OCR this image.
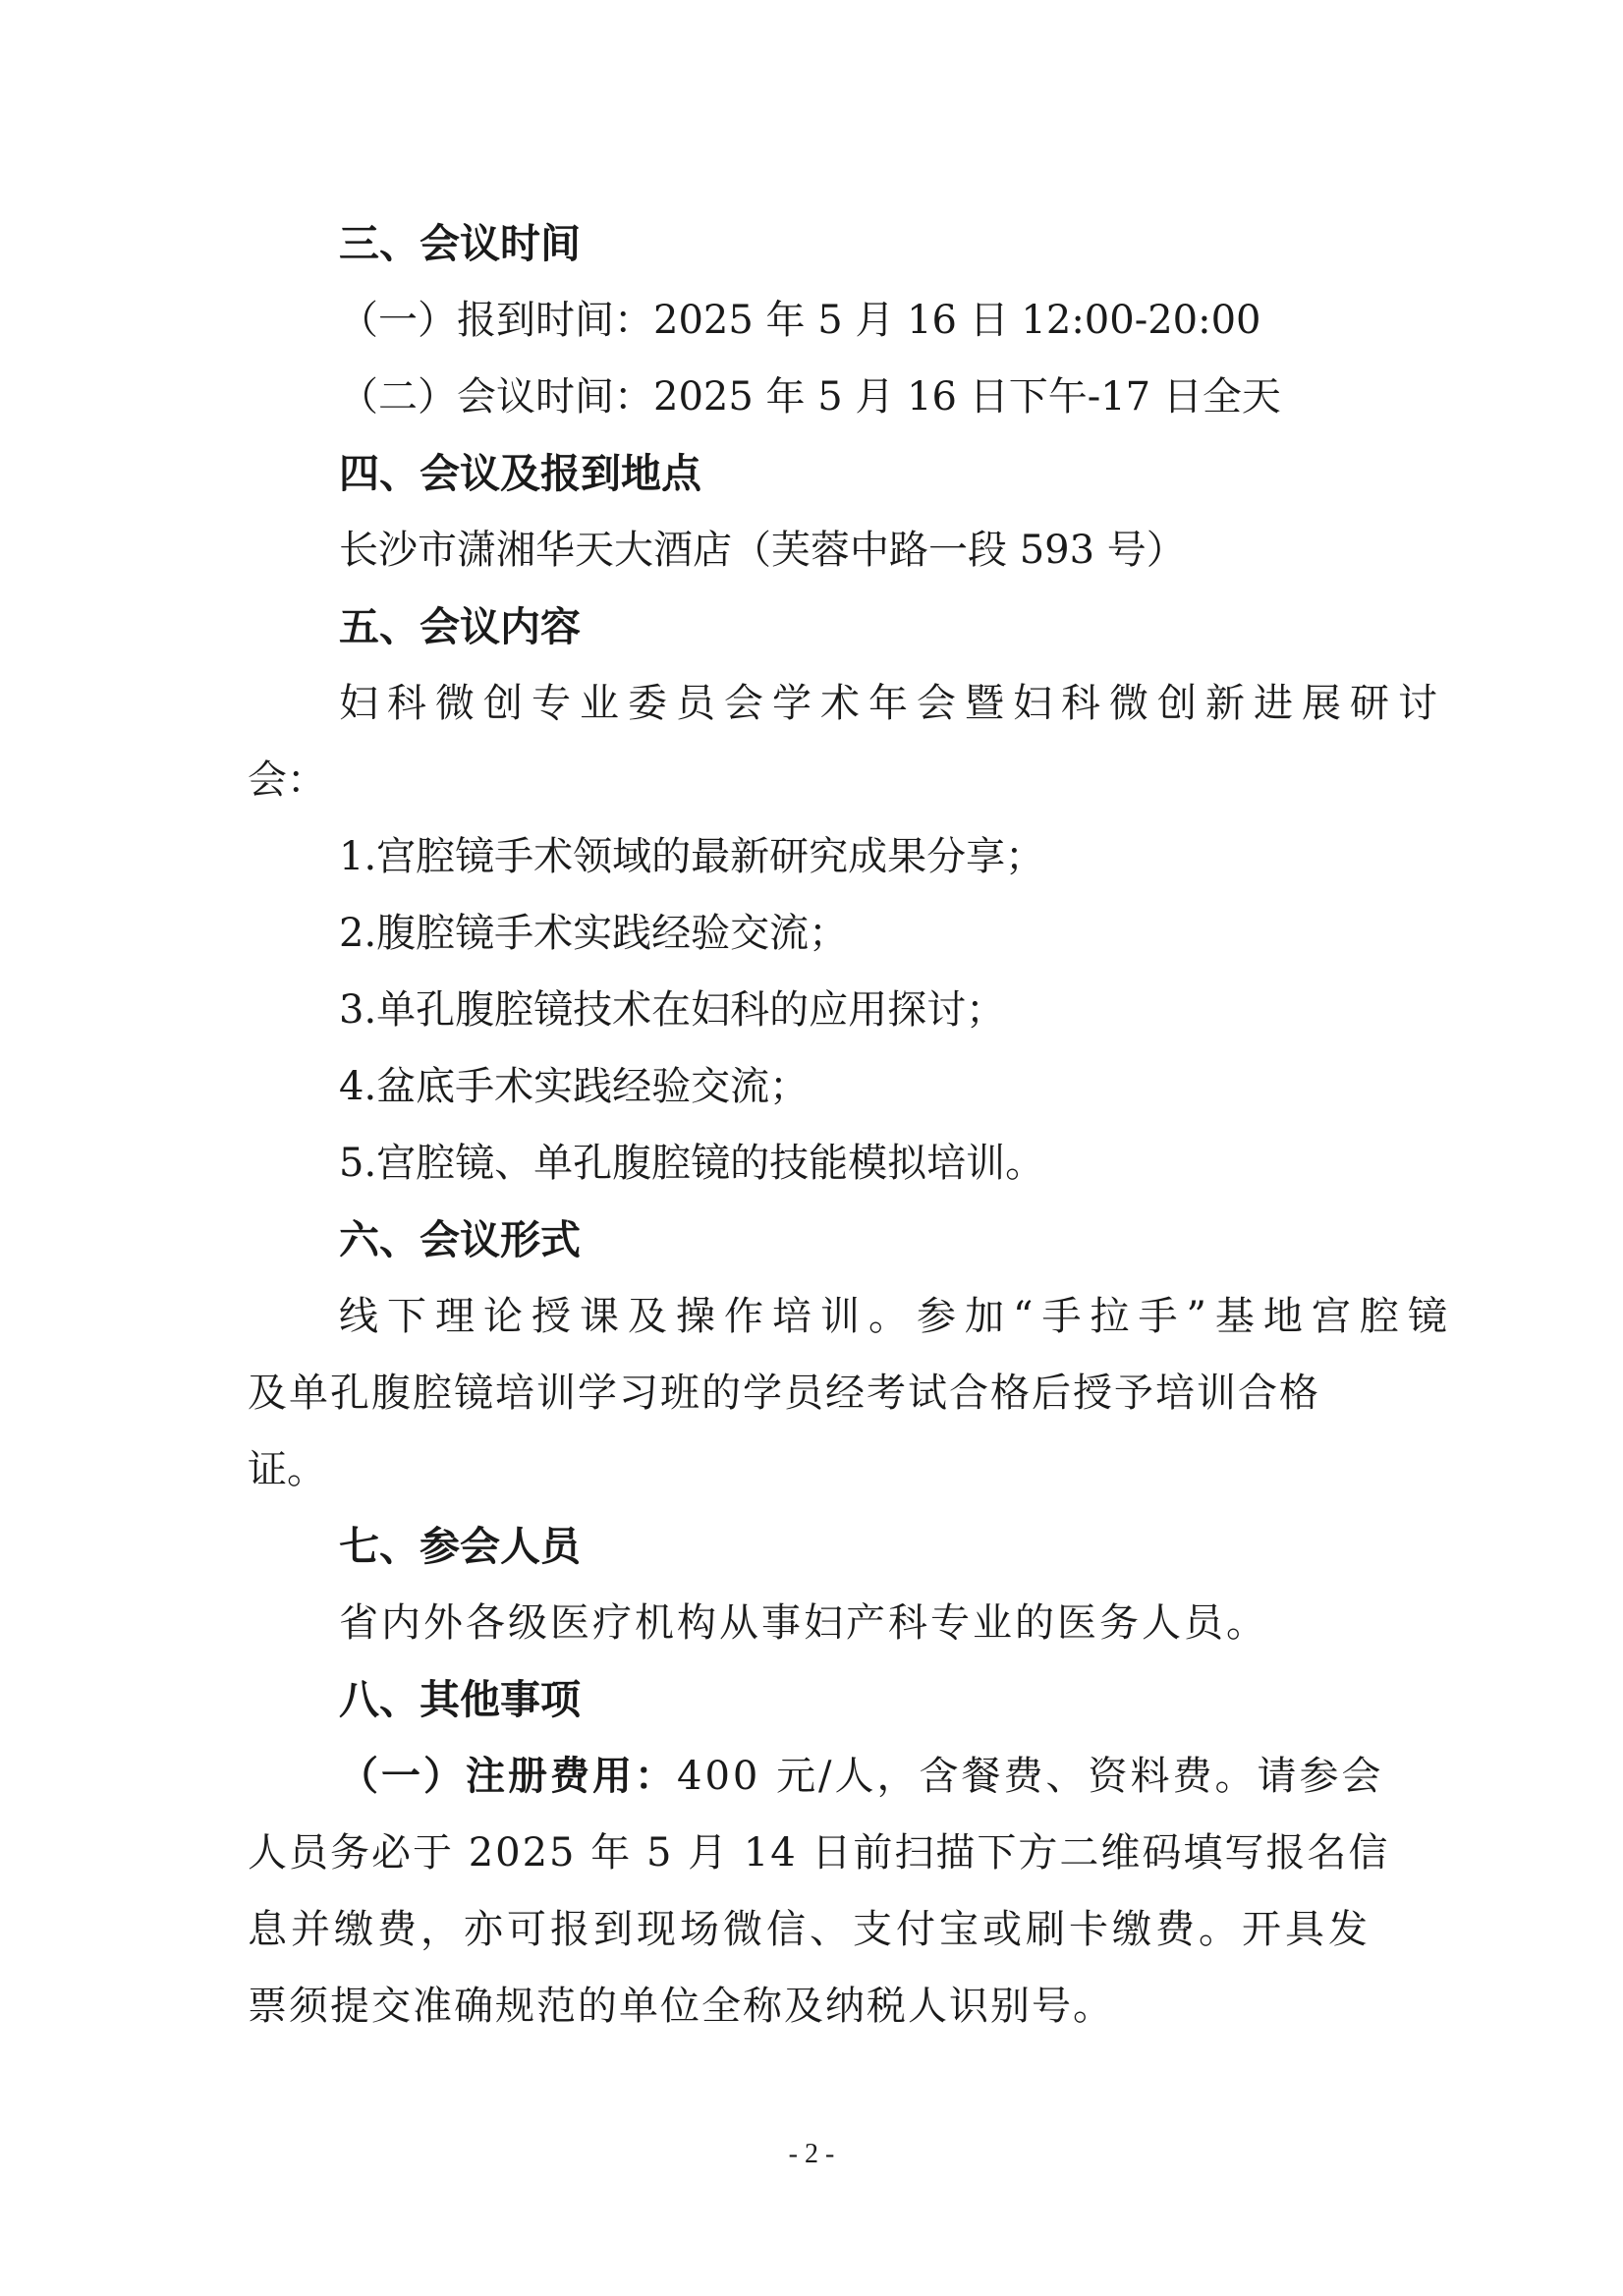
三、会议时间
（一）报到时间：2025 年 5 月 16 日 12:00-20:00
（二）会议时间：2025 年 5 月 16 日下午-17 日全天
四、会议及报到地点
长沙市潇湘华天大酒店（芙蓉中路一段 593 号）
五、会议内容
妇科微创专业委员会学术年会暨妇科微创新进展研讨
会：
1.宫腔镜手术领域的最新研究成果分享；
2.腹腔镜手术实践经验交流；
3.单孔腹腔镜技术在妇科的应用探讨；
4.盆底手术实践经验交流；
5.宫腔镜、单孔腹腔镜的技能模拟培训。
六、会议形式
线下理论授课及操作培训。参加“手拉手”基地宫腔镜
及单孔腹腔镜培训学习班的学员经考试合格后授予培训合格
证。
七、参会人员
省内外各级医疗机构从事妇产科专业的医务人员。
八、其他事项
（一）注册费用：400 元/人，含餐费、资料费。请参会
人员务必于 2025 年 5 月 14 日前扫描下方二维码填写报名信
息并缴费，亦可报到现场微信、支付宝或刷卡缴费。开具发
票须提交准确规范的单位全称及纳税人识别号。
- 2 -
